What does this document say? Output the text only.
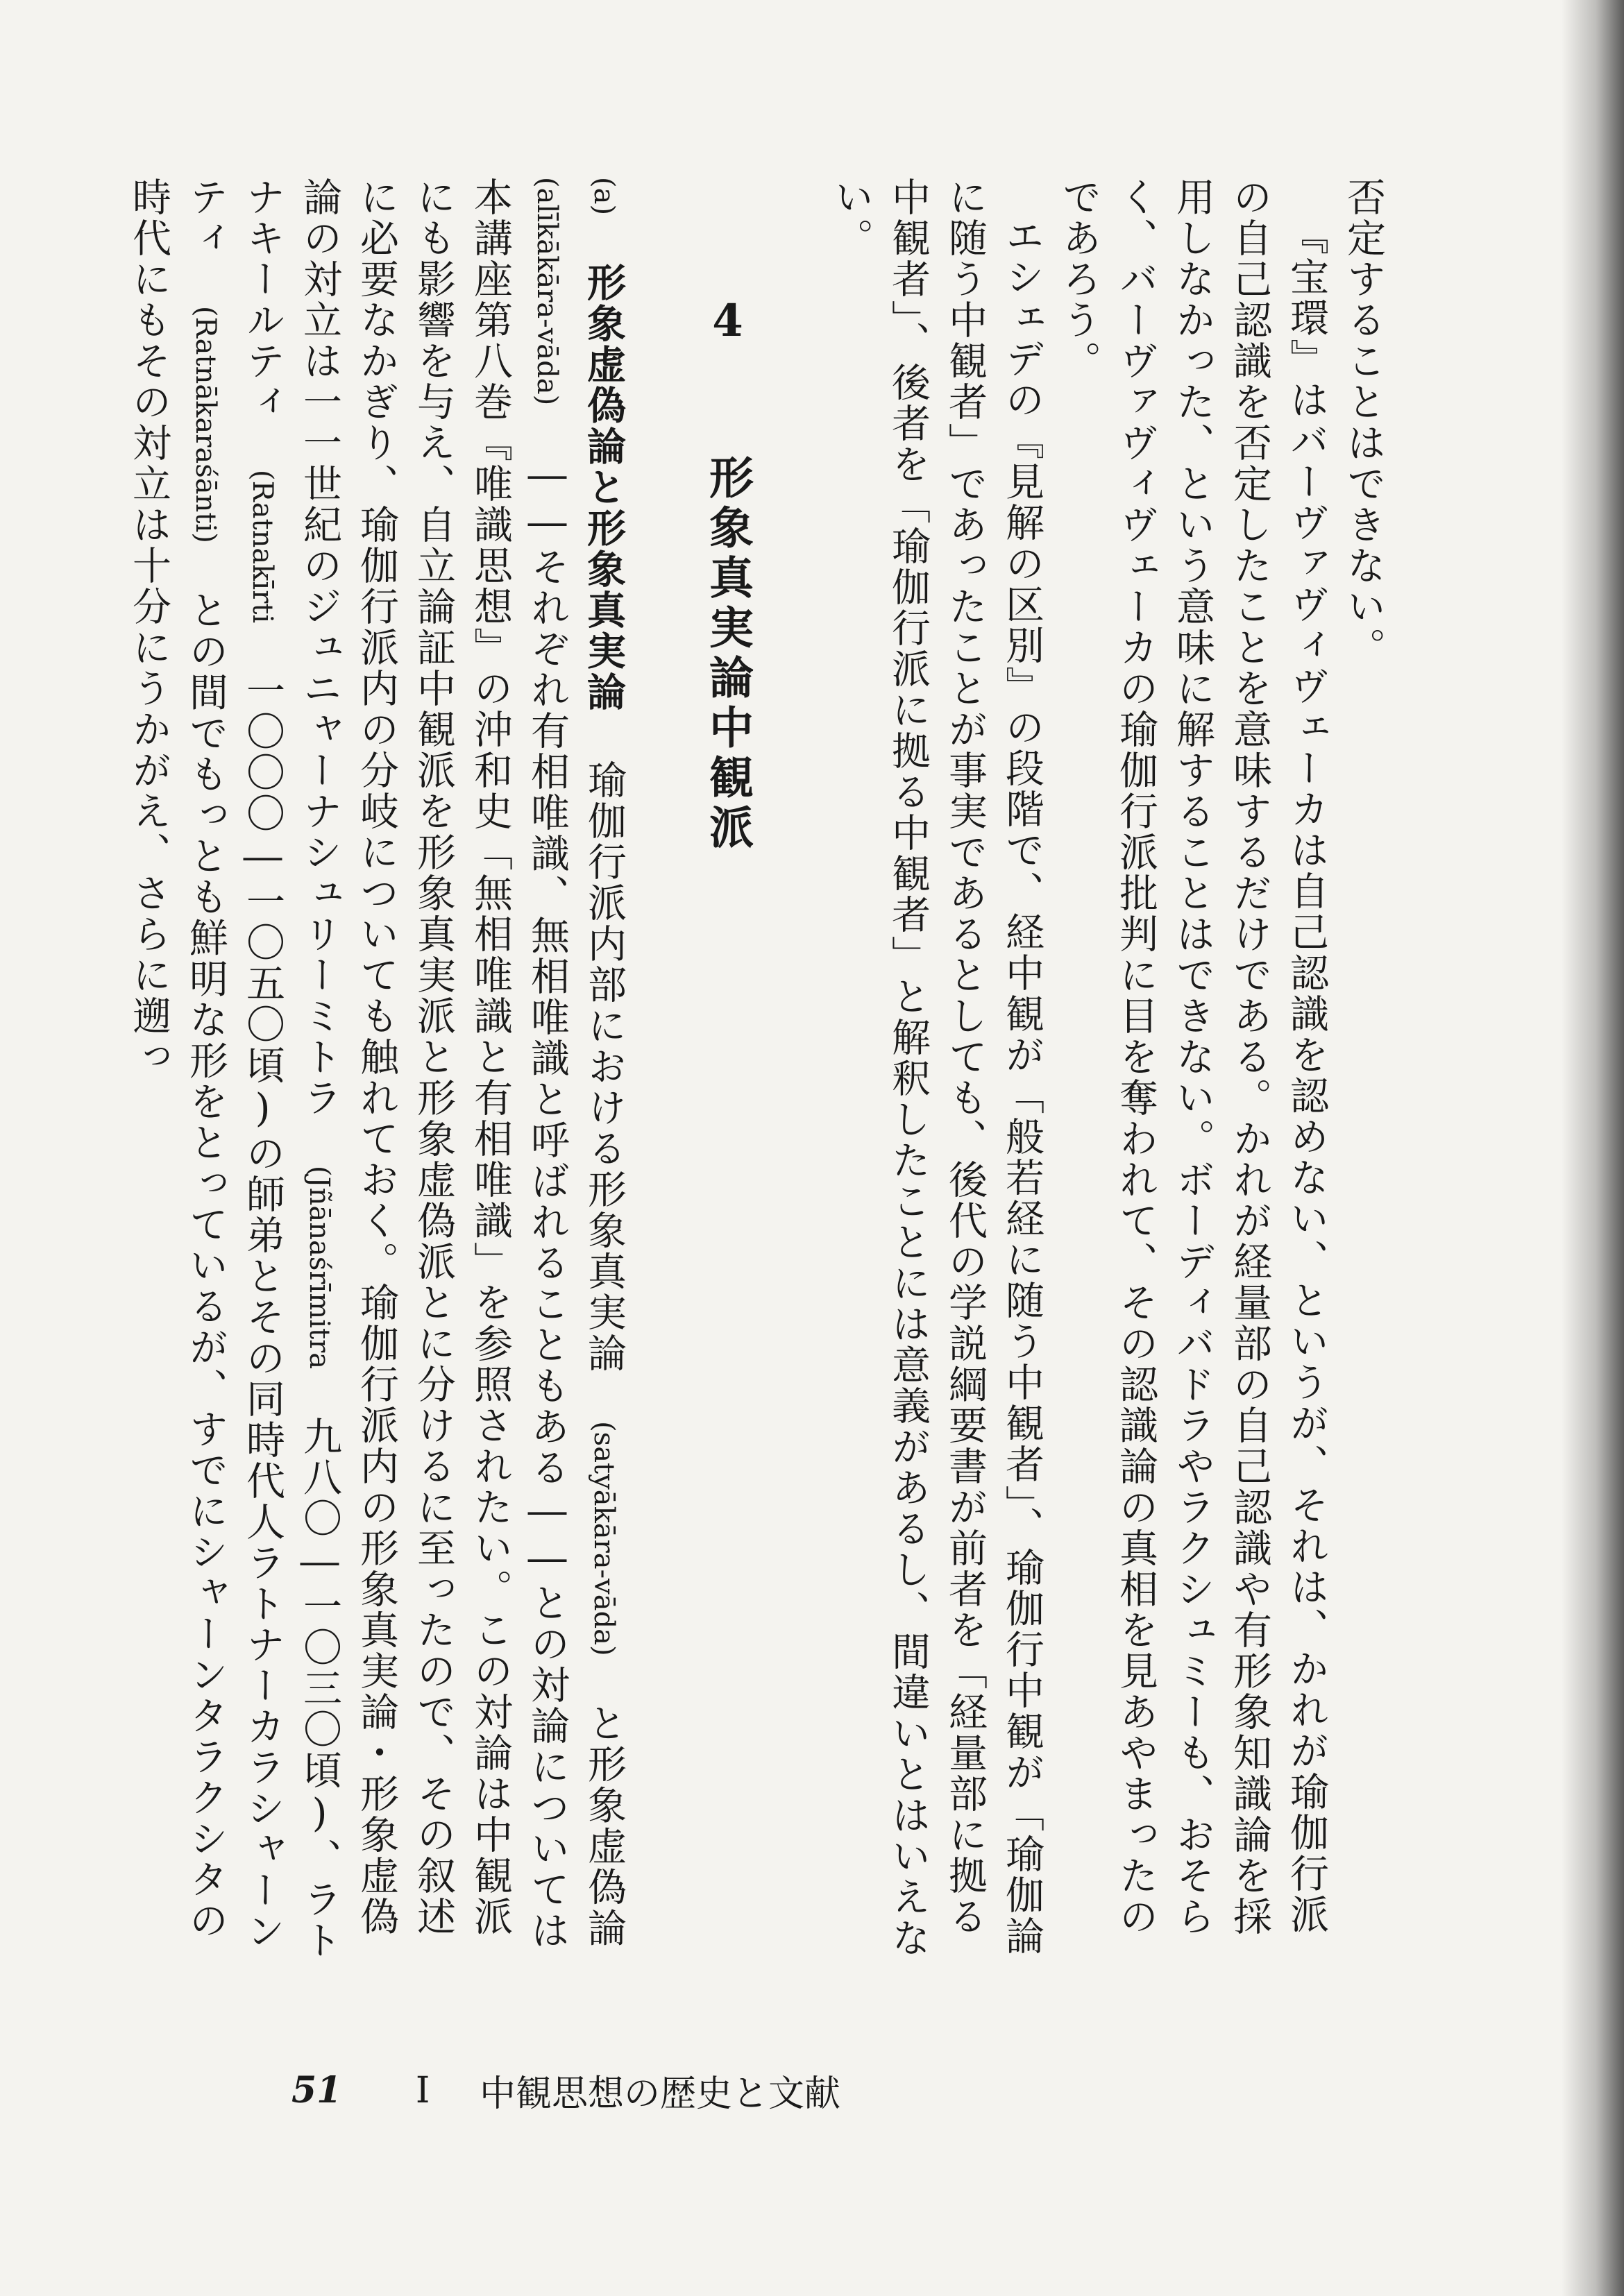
否定することはできない。

『宝環』はバーヴァヴィヴェーカは自己認識を認めない、というが、それは、かれが瑜伽行派の自己認識を否定したことを意味するだけである。かれが経量部の自己認識や有形象知識論を採用しなかった、という意味に解することはできない。ボーディバドラやラクシュミーも、おそらく、バーヴァヴィヴェーカの瑜伽行派批判に目を奪われて、その認識論の真相を見あやまったのであろう。

エシェデの『見解の区別』の段階で、経中観が「般若経に随う中観者」、瑜伽行中観が「瑜伽論に随う中観者」であったことが事実であるとしても、後代の学説綱要書が前者を「経量部に拠る中観者」、後者を「瑜伽行派に拠る中観者」と解釈したことには意義があるし、間違いとはいえない。

4 形象真実論中観派

(a) 形象虚偽論と形象真実論 瑜伽行派内部における形象真実論 (satyākāra-vāda) と形象虚偽論 (alīkākāra-vāda) ――それぞれ有相唯識、無相唯識と呼ばれることもある――との対論については本講座第八巻『唯識思想』の沖和史「無相唯識と有相唯識」を参照されたい。この対論は中観派にも影響を与え、自立論証中観派を形象真実派と形象虚偽派とに分けるに至ったので、その叙述に必要なかぎり、瑜伽行派内の分岐についても触れておく。瑜伽行派内の形象真実論・形象虚偽論の対立は一一世紀のジュニャーナシュリーミトラ (Jñānaśrīmitra 九八〇―一〇三〇頃)、ラトナキールティ (Ratnakīrti 一〇〇〇―一〇五〇頃)の師弟とその同時代人ラトナーカラシャーンティ (Ratnākaraśānti) との間でもっとも鮮明な形をとっているが、すでにシャーンタラクシタの時代にもその対立は十分にうかがえ、さらに遡っ

51 I 中観思想の歴史と文献
